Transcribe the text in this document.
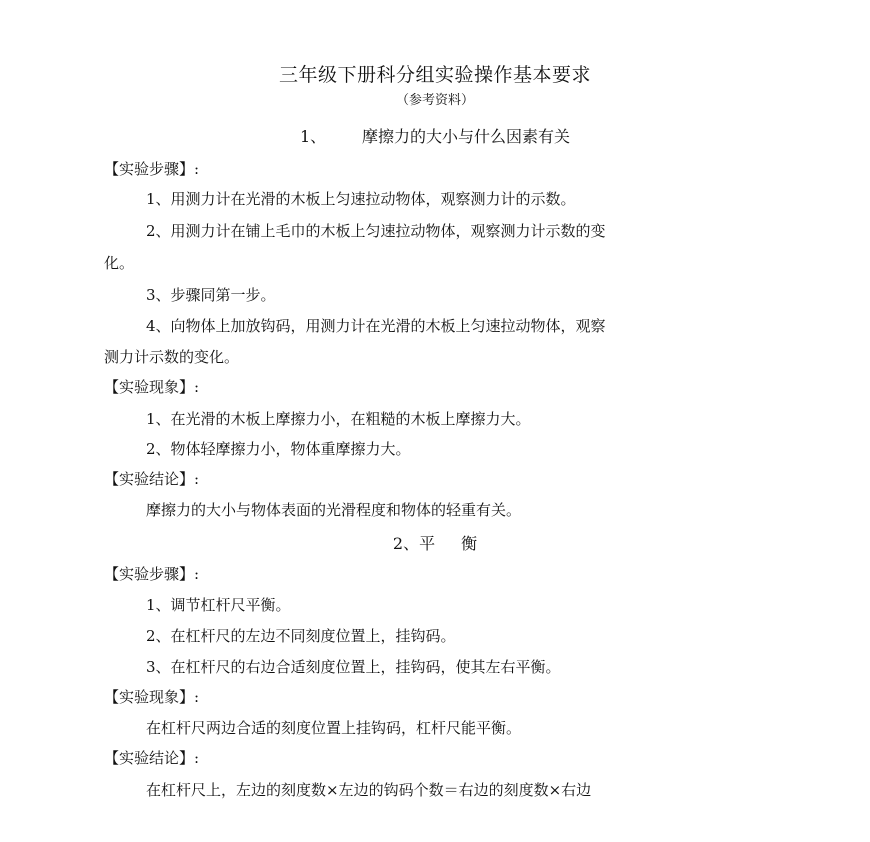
三年级下册科分组实验操作基本要求
（参考资料）
1、 摩擦力的大小与什么因素有关
【实验步骤】:
1、用测力计在光滑的木板上匀速拉动物体，观察测力计的示数。
2、用测力计在铺上毛巾的木板上匀速拉动物体，观察测力计示数的变
化。
3、步骤同第一步。
4、向物体上加放钩码，用测力计在光滑的木板上匀速拉动物体，观察
测力计示数的变化。
【实验现象】:
1、在光滑的木板上摩擦力小，在粗糙的木板上摩擦力大。
2、物体轻摩擦力小，物体重摩擦力大。
【实验结论】:
摩擦力的大小与物体表面的光滑程度和物体的轻重有关。
2、平 衡
【实验步骤】:
1、调节杠杆尺平衡。
2、在杠杆尺的左边不同刻度位置上，挂钩码。
3、在杠杆尺的右边合适刻度位置上，挂钩码，使其左右平衡。
【实验现象】:
在杠杆尺两边合适的刻度位置上挂钩码，杠杆尺能平衡。
【实验结论】:
在杠杆尺上，左边的刻度数×左边的钩码个数＝右边的刻度数×右边
